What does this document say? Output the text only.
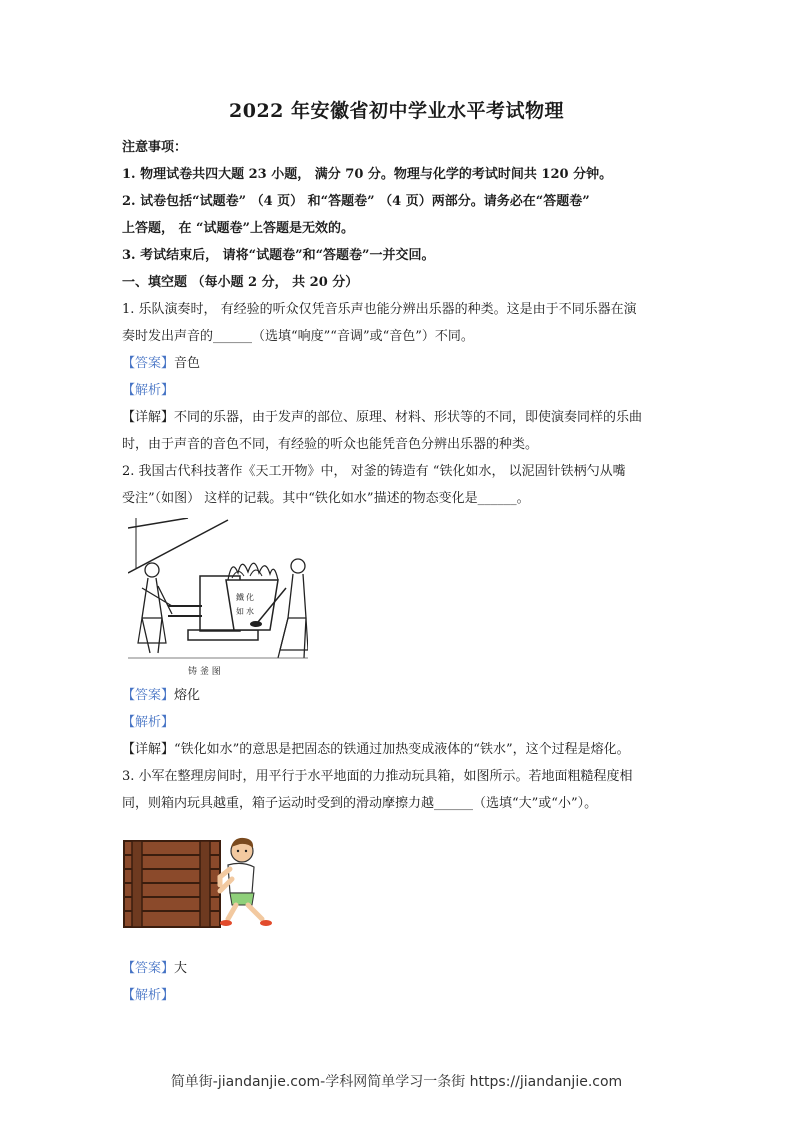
2022 年安徽省初中学业水平考试物理

注意事项：

1. 物理试卷共四大题 23 小题， 满分 70 分。物理与化学的考试时间共 120 分钟。

2. 试卷包括“试题卷” （4 页） 和“答题卷” （4 页）两部分。请务必在“答题卷”

上答题， 在 “试题卷”上答题是无效的。

3. 考试结束后， 请将“试题卷”和“答题卷”一并交回。

一、填空题 （每小题 2 分， 共 20 分）

1. 乐队演奏时， 有经验的听众仅凭音乐声也能分辨出乐器的种类。这是由于不同乐器在演

奏时发出声音的______（选填“响度”“音调”或“音色”）不同。

【答案】音色

【解析】

【详解】不同的乐器，由于发声的部位、原理、材料、形状等的不同，即使演奏同样的乐曲

时，由于声音的音色不同，有经验的听众也能凭音色分辨出乐器的种类。

2. 我国古代科技著作《天工开物》中， 对釜的铸造有 “铁化如水， 以泥固针铁柄勺从嘴

受注”（如图） 这样的记载。其中“铁化如水”描述的物态变化是______。

鐵 化
如 水
铸 釜 图

【答案】熔化

【解析】

【详解】“铁化如水”的意思是把固态的铁通过加热变成液体的“铁水”，这个过程是熔化。

3. 小军在整理房间时，用平行于水平地面的力推动玩具箱，如图所示。若地面粗糙程度相

同，则箱内玩具越重，箱子运动时受到的滑动摩擦力越______（选填“大”或“小”）。

【答案】大

【解析】

简单街-jiandanjie.com-学科网简单学习一条街 https://jiandanjie.com
